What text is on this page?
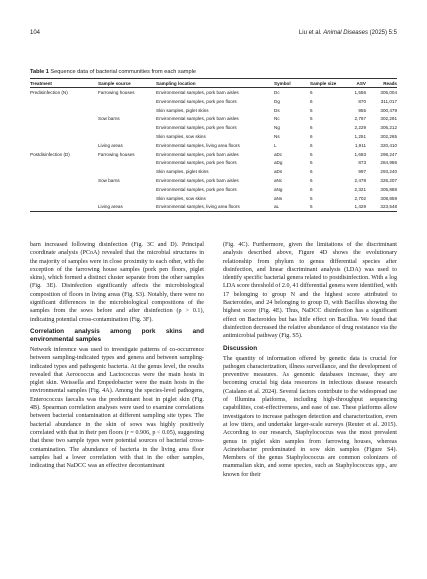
104	Liu et al. Animal Diseases (2025) 5:5
Table 1 Sequence data of bacterial communities from each sample
Treatment	Sample source	Sampling location	Symbol	Sample size	ASV	Reads
Predisinfection (N)	Farrowing houses	Environmental samples, pork barn aisles	Dc	6	1,556	305,004
		Environmental samples, pork pen floors	Dg	6	870	311,017
		Skin samples, piglet skins	Ds	6	955	300,479
	Sow barns	Environmental samples, pork barn aisles	Nc	6	2,767	302,291
		Environmental samples, pork pen floors	Ng	6	2,229	305,212
		Skin samples, sow skins	Ns	6	1,251	302,265
	Living areas	Environmental samples, living area floors	L	6	1,911	320,410
Postdisinfection (D)	Farrowing houses	Environmental samples, pork barn aisles	aDc	6	1,693	298,247
		Environmental samples, pork pen floors	aDg	6	873	284,986
		Skin samples, piglet skins	aDs	6	997	293,240
	Sow barns	Environmental samples, pork barn aisles	aNc	6	2,478	326,207
		Environmental samples, pork pen floors	aNg	6	2,321	305,888
		Skin samples, sow skins	aNs	6	2,702	308,859
	Living areas	Environmental samples, living area floors	aL	6	1,429	323,548

barn increased following disinfection (Fig. 3C and D). Principal coordinate analysis (PCoA) revealed that the microbial structures in the majority of samples were in close proximity to each other, with the exception of the farrowing house samples (pork pen floors, piglet skins), which formed a distinct cluster separate from the other samples (Fig. 3E). Disinfection significantly affects the microbiological composition of floors in living areas (Fig. S3). Notably, there were no significant differences in the microbiological compositions of the samples from the sows before and after disinfection (p > 0.1), indicating potential cross-contamination (Fig. 3F).

Correlation analysis among pork skins and environmental samples

Network inference was used to investigate patterns of co-occurrence between sampling-indicated types and genera and between sampling-indicated types and pathogenic bacteria. At the genus level, the results revealed that Aerococcus and Lactococcus were the main hosts in piglet skin. Weissella and Empedobacter were the main hosts in the environmental samples (Fig. 4A). Among the species-level pathogens, Enterococcus faecalis was the predominant host in piglet skin (Fig. 4B). Spearman correlation analyses were used to examine correlations between bacterial contamination at different sampling site types. The bacterial abundance in the skin of sows was highly positively correlated with that in their pen floors (r = 0.906, p < 0.05), suggesting that these two sample types were potential sources of bacterial cross-contamination. The abundance of bacteria in the living area floor samples had a lower correlation with that in the other samples, indicating that NaDCC was an effective decontaminant

(Fig. 4C). Furthermore, given the limitations of the discriminant analysis described above, Figure 4D shows the evolutionary relationship from phylum to genus differential species after disinfection, and linear discriminant analysis (LDA) was used to identify specific bacterial genera related to postdisinfection. With a log LDA score threshold of 2.0, 41 differential genera were identified, with 17 belonging to group N and the highest score attributed to Bacteroides, and 24 belonging to group D, with Bacillus showing the highest score (Fig. 4E). Thus, NaDCC disinfection has a significant effect on Bacteroides but has little effect on Bacillus. We found that disinfection decreased the relative abundance of drug resistance via the antimicrobial pathway (Fig. S5).

Discussion

The quantity of information offered by genetic data is crucial for pathogen characterization, illness surveillance, and the development of preventive measures. As genomic databases increase, they are becoming crucial big data resources in infectious disease research (Catalano et al. 2024). Several factors contribute to the widespread use of Illumina platforms, including high-throughput sequencing capabilities, cost-effectiveness, and ease of use. These platforms allow investigators to increase pathogen detection and characterization, even at low titers, and undertake larger-scale surveys (Reuter et al. 2015). According to our research, Staphylococcus was the most prevalent genus in piglet skin samples from farrowing houses, whereas Acinetobacter predominated in sow skin samples (Figure S4). Members of the genus Staphylococcus are common colonizers of mammalian skin, and some species, such as Staphylococcus spp., are known for their
